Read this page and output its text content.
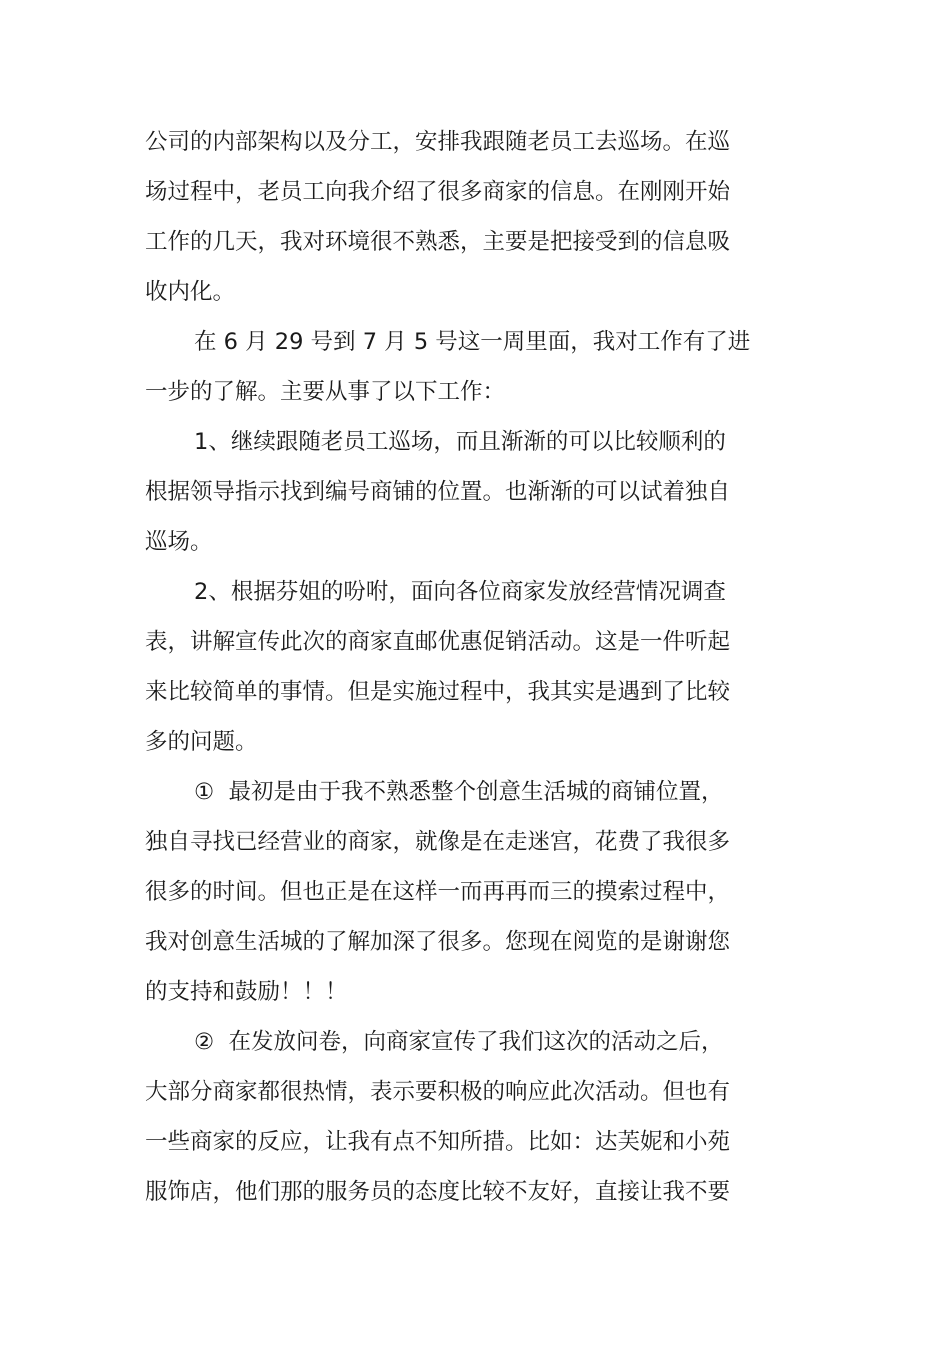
公司的内部架构以及分工，安排我跟随老员工去巡场。在巡
场过程中，老员工向我介绍了很多商家的信息。在刚刚开始
工作的几天，我对环境很不熟悉，主要是把接受到的信息吸
收内化。
在 6 月 29 号到 7 月 5 号这一周里面，我对工作有了进
一步的了解。主要从事了以下工作：
1、继续跟随老员工巡场，而且渐渐的可以比较顺利的
根据领导指示找到编号商铺的位置。也渐渐的可以试着独自
巡场。
2、根据芬姐的吩咐，面向各位商家发放经营情况调查
表，讲解宣传此次的商家直邮优惠促销活动。这是一件听起
来比较简单的事情。但是实施过程中，我其实是遇到了比较
多的问题。
①  最初是由于我不熟悉整个创意生活城的商铺位置，
独自寻找已经营业的商家，就像是在走迷宫，花费了我很多
很多的时间。但也正是在这样一而再再而三的摸索过程中，
我对创意生活城的了解加深了很多。您现在阅览的是谢谢您
的支持和鼓励！！！
②  在发放问卷，向商家宣传了我们这次的活动之后，
大部分商家都很热情，表示要积极的响应此次活动。但也有
一些商家的反应，让我有点不知所措。比如：达芙妮和小苑
服饰店，他们那的服务员的态度比较不友好，直接让我不要
